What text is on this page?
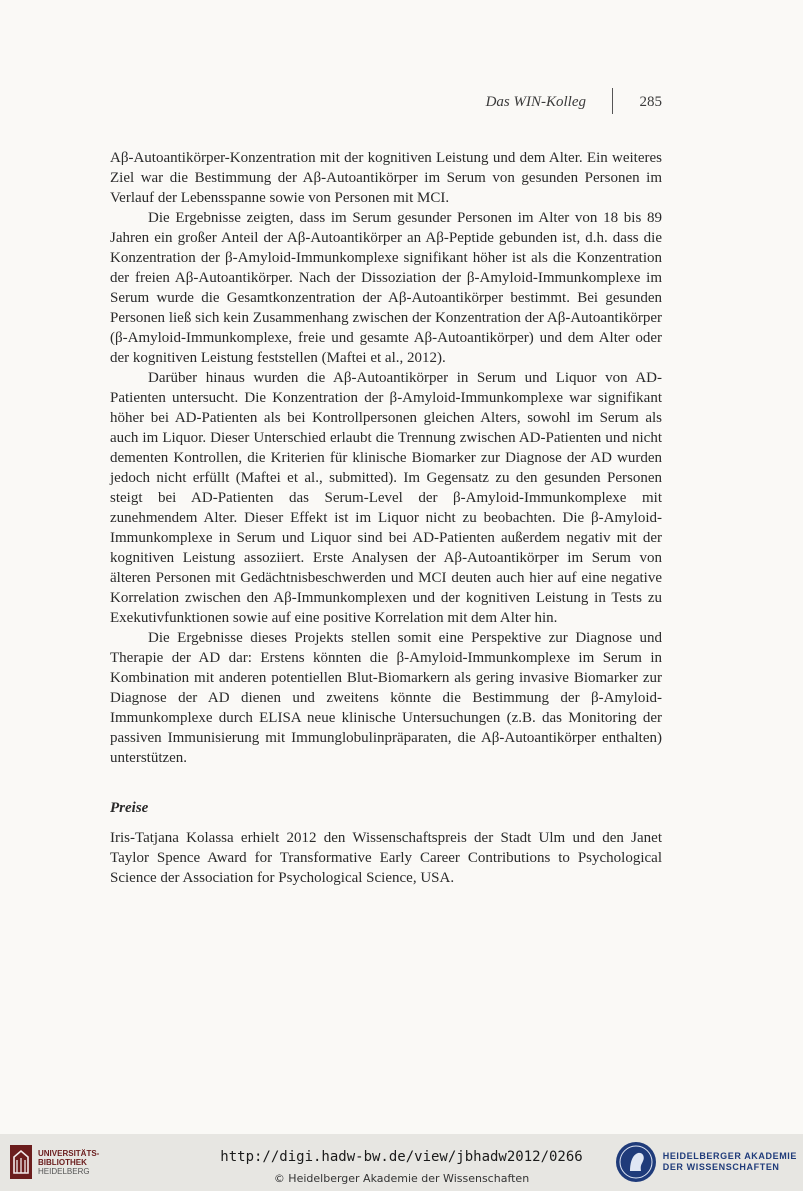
Das WIN-Kolleg	285

Aβ-Autoantikörper-Konzentration mit der kognitiven Leistung und dem Alter. Ein weiteres Ziel war die Bestimmung der Aβ-Autoantikörper im Serum von gesunden Personen im Verlauf der Lebensspanne sowie von Personen mit MCI.

Die Ergebnisse zeigten, dass im Serum gesunder Personen im Alter von 18 bis 89 Jahren ein großer Anteil der Aβ-Autoantikörper an Aβ-Peptide gebunden ist, d.h. dass die Konzentration der β-Amyloid-Immunkomplexe signifikant höher ist als die Konzentration der freien Aβ-Autoantikörper. Nach der Dissoziation der β-Amyloid-Immunkomplexe im Serum wurde die Gesamtkonzentration der Aβ-Autoantikörper bestimmt. Bei gesunden Personen ließ sich kein Zusammenhang zwischen der Konzentration der Aβ-Autoantikörper (β-Amyloid-Immunkomplexe, freie und gesamte Aβ-Autoantikörper) und dem Alter oder der kognitiven Leistung feststellen (Maftei et al., 2012).

Darüber hinaus wurden die Aβ-Autoantikörper in Serum und Liquor von AD-Patienten untersucht. Die Konzentration der β-Amyloid-Immunkomplexe war signifikant höher bei AD-Patienten als bei Kontrollpersonen gleichen Alters, sowohl im Serum als auch im Liquor. Dieser Unterschied erlaubt die Trennung zwischen AD-Patienten und nicht dementen Kontrollen, die Kriterien für klinische Biomarker zur Diagnose der AD wurden jedoch nicht erfüllt (Maftei et al., submitted). Im Gegensatz zu den gesunden Personen steigt bei AD-Patienten das Serum-Level der β-Amyloid-Immunkomplexe mit zunehmendem Alter. Dieser Effekt ist im Liquor nicht zu beobachten. Die β-Amyloid-Immunkomplexe in Serum und Liquor sind bei AD-Patienten außerdem negativ mit der kognitiven Leistung assoziiert. Erste Analysen der Aβ-Autoantikörper im Serum von älteren Personen mit Gedächtnisbeschwerden und MCI deuten auch hier auf eine negative Korrelation zwischen den Aβ-Immunkomplexen und der kognitiven Leistung in Tests zu Exekutivfunktionen sowie auf eine positive Korrelation mit dem Alter hin.

Die Ergebnisse dieses Projekts stellen somit eine Perspektive zur Diagnose und Therapie der AD dar: Erstens könnten die β-Amyloid-Immunkomplexe im Serum in Kombination mit anderen potentiellen Blut-Biomarkern als gering invasive Biomarker zur Diagnose der AD dienen und zweitens könnte die Bestimmung der β-Amyloid-Immunkomplexe durch ELISA neue klinische Untersuchungen (z.B. das Monitoring der passiven Immunisierung mit Immunglobulinpräparaten, die Aβ-Autoantikörper enthalten) unterstützen.

Preise

Iris-Tatjana Kolassa erhielt 2012 den Wissenschaftspreis der Stadt Ulm und den Janet Taylor Spence Award for Transformative Early Career Contributions to Psychological Science der Association for Psychological Science, USA.

UNIVERSITÄTS-
BIBLIOTHEK
HEIDELBERG
http://digi.hadw-bw.de/view/jbhadw2012/0266
© Heidelberger Akademie der Wissenschaften
HEIDELBERGER AKADEMIE
DER WISSENSCHAFTEN
